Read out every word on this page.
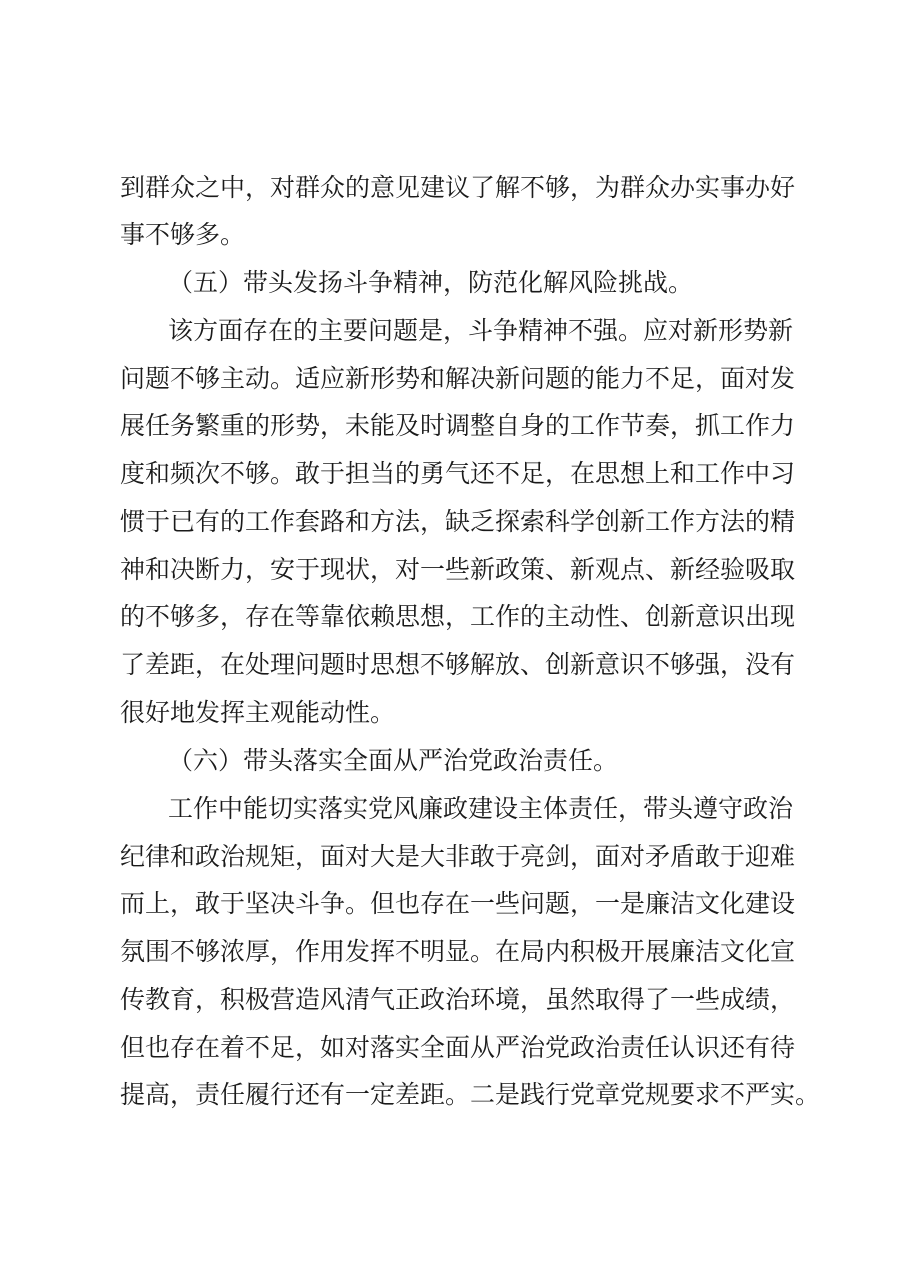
到群众之中，对群众的意见建议了解不够，为群众办实事办好
事不够多。
（五）带头发扬斗争精神，防范化解风险挑战。
该方面存在的主要问题是，斗争精神不强。应对新形势新
问题不够主动。适应新形势和解决新问题的能力不足，面对发
展任务繁重的形势，未能及时调整自身的工作节奏，抓工作力
度和频次不够。敢于担当的勇气还不足，在思想上和工作中习
惯于已有的工作套路和方法，缺乏探索科学创新工作方法的精
神和决断力，安于现状，对一些新政策、新观点、新经验吸取
的不够多，存在等靠依赖思想，工作的主动性、创新意识出现
了差距，在处理问题时思想不够解放、创新意识不够强，没有
很好地发挥主观能动性。
（六）带头落实全面从严治党政治责任。
工作中能切实落实党风廉政建设主体责任，带头遵守政治
纪律和政治规矩，面对大是大非敢于亮剑，面对矛盾敢于迎难
而上，敢于坚决斗争。但也存在一些问题，一是廉洁文化建设
氛围不够浓厚，作用发挥不明显。在局内积极开展廉洁文化宣
传教育，积极营造风清气正政治环境，虽然取得了一些成绩，
但也存在着不足，如对落实全面从严治党政治责任认识还有待
提高，责任履行还有一定差距。二是践行党章党规要求不严实。
